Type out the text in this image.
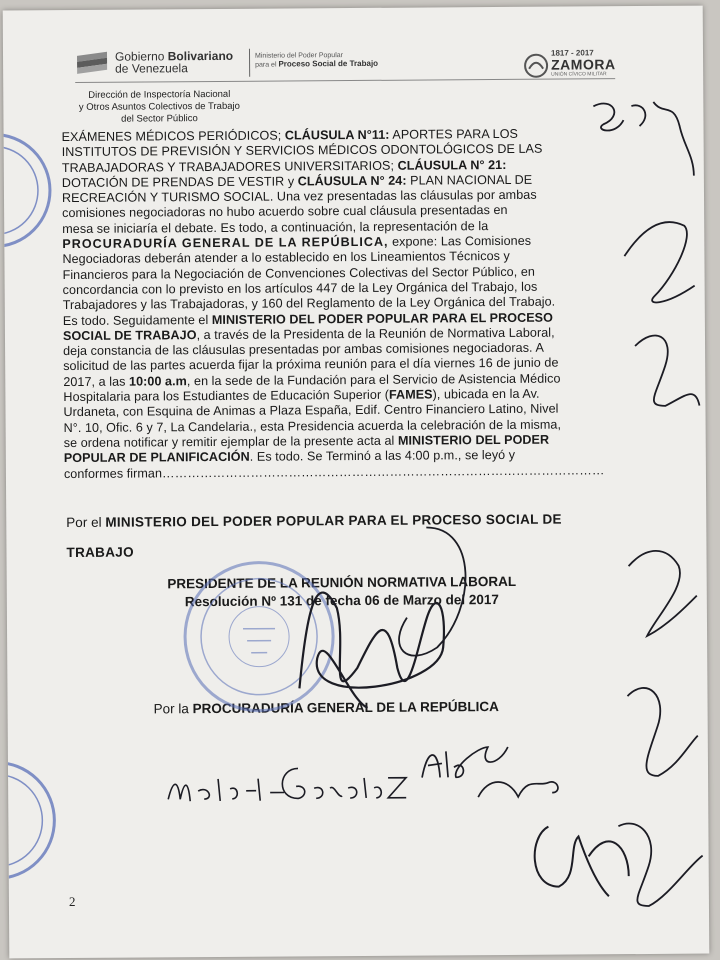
Gobierno Bolivariano
de Venezuela
Ministerio del Poder Popular
para el Proceso Social de Trabajo
1817 - 2017
ZAMORA
UNIÓN CÍVICO MILITAR
Dirección de Inspectoría Nacional
y Otros Asuntos Colectivos de Trabajo
del Sector Público
EXÁMENES MÉDICOS PERIÓDICOS; CLÁUSULA N°11: APORTES PARA LOS
INSTITUTOS DE PREVISIÓN Y SERVICIOS MÉDICOS ODONTOLÓGICOS DE LAS
TRABAJADORAS Y TRABAJADORES UNIVERSITARIOS; CLÁUSULA N° 21:
DOTACIÓN DE PRENDAS DE VESTIR y CLÁUSULA N° 24: PLAN NACIONAL DE
RECREACIÓN Y TURISMO SOCIAL. Una vez presentadas las cláusulas por ambas
comisiones negociadoras no hubo acuerdo sobre cual cláusula presentadas en
mesa se iniciaría el debate. Es todo, a continuación, la representación de la
PROCURADURÍA GENERAL DE LA REPÚBLICA, expone: Las Comisiones
Negociadoras deberán atender a lo establecido en los Lineamientos Técnicos y
Financieros para la Negociación de Convenciones Colectivas del Sector Público, en
concordancia con lo previsto en los artículos 447 de la Ley Orgánica del Trabajo, los
Trabajadores y las Trabajadoras, y 160 del Reglamento de la Ley Orgánica del Trabajo.
Es todo. Seguidamente el MINISTERIO DEL PODER POPULAR PARA EL PROCESO
SOCIAL DE TRABAJO, a través de la Presidenta de la Reunión de Normativa Laboral,
deja constancia de las cláusulas presentadas por ambas comisiones negociadoras. A
solicitud de las partes acuerda fijar la próxima reunión para el día viernes 16 de junio de
2017, a las 10:00 a.m, en la sede de la Fundación para el Servicio de Asistencia Médico
Hospitalaria para los Estudiantes de Educación Superior (FAMES), ubicada en la Av.
Urdaneta, con Esquina de Animas a Plaza España, Edif. Centro Financiero Latino, Nivel
N°. 10, Ofic. 6 y 7, La Candelaria., esta Presidencia acuerda la celebración de la misma,
se ordena notificar y remitir ejemplar de la presente acta al MINISTERIO DEL PODER
POPULAR DE PLANIFICACIÓN. Es todo. Se Terminó a las 4:00 p.m., se leyó y
conformes firman……………………………………………………………………………………………
Por el MINISTERIO DEL PODER POPULAR PARA EL PROCESO SOCIAL DE
TRABAJO
PRESIDENTE DE LA REUNIÓN NORMATIVA LABORAL
Resolución Nº 131 de fecha 06 de Marzo del 2017
Por la PROCURADURÍA GENERAL DE LA REPÚBLICA
2
